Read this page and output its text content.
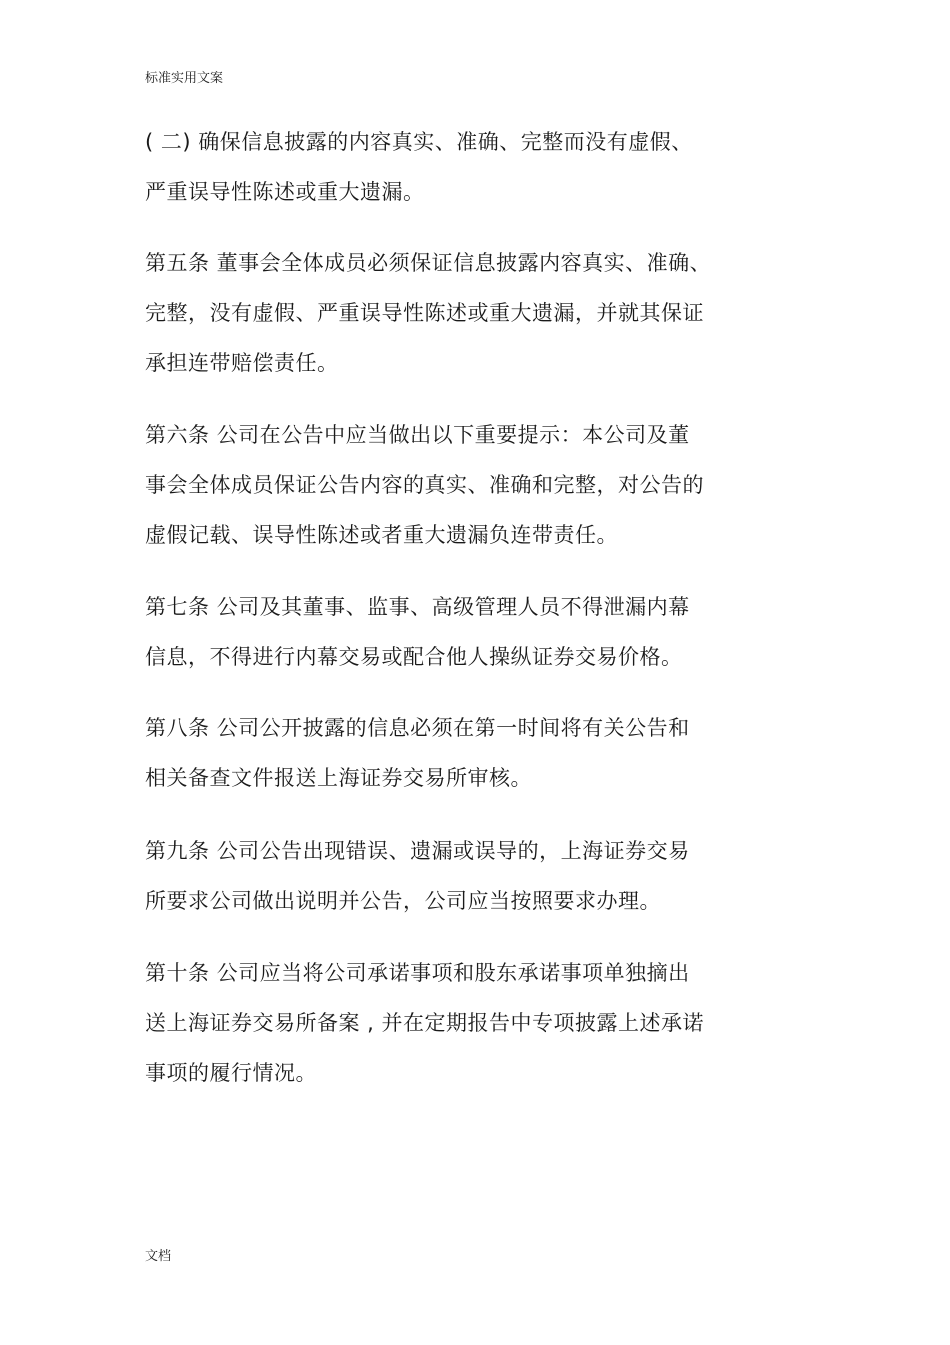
标准实用文案
( 二) 确保信息披露的内容真实、准确、完整而没有虚假、
严重误导性陈述或重大遗漏。
第五条 董事会全体成员必须保证信息披露内容真实、准确、
完整，没有虚假、严重误导性陈述或重大遗漏，并就其保证
承担连带赔偿责任。
第六条 公司在公告中应当做出以下重要提示：本公司及董
事会全体成员保证公告内容的真实、准确和完整，对公告的
虚假记载、误导性陈述或者重大遗漏负连带责任。
第七条 公司及其董事、监事、高级管理人员不得泄漏内幕
信息，不得进行内幕交易或配合他人操纵证券交易价格。
第八条 公司公开披露的信息必须在第一时间将有关公告和
相关备查文件报送上海证券交易所审核。
第九条 公司公告出现错误、遗漏或误导的，上海证券交易
所要求公司做出说明并公告，公司应当按照要求办理。
第十条 公司应当将公司承诺事项和股东承诺事项单独摘出
送上海证券交易所备案 , 并在定期报告中专项披露上述承诺
事项的履行情况。
文档
